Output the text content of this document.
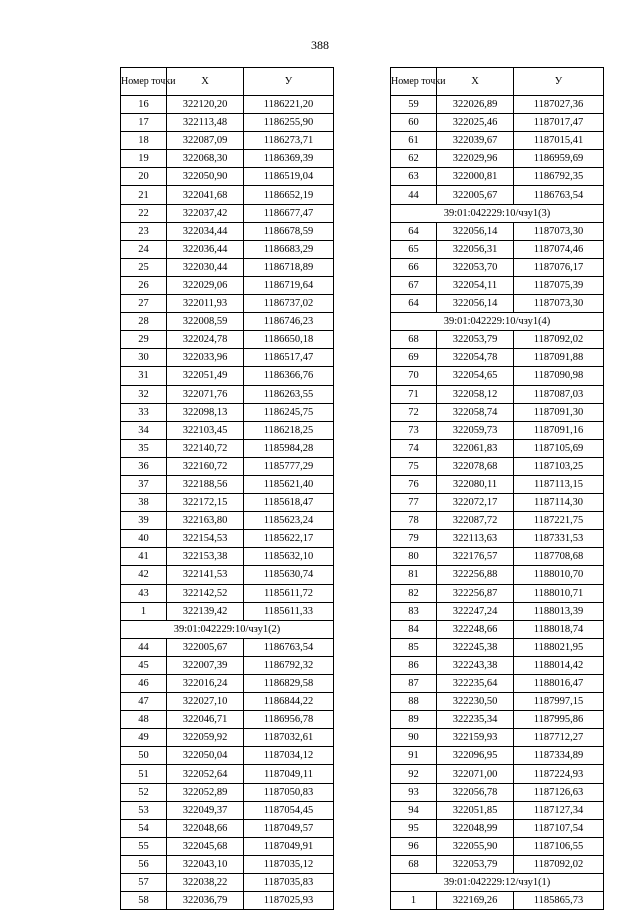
388
Номер точки	Х	У
16	322120,20	1186221,20
17	322113,48	1186255,90
18	322087,09	1186273,71
19	322068,30	1186369,39
20	322050,90	1186519,04
21	322041,68	1186652,19
22	322037,42	1186677,47
23	322034,44	1186678,59
24	322036,44	1186683,29
25	322030,44	1186718,89
26	322029,06	1186719,64
27	322011,93	1186737,02
28	322008,59	1186746,23
29	322024,78	1186650,18
30	322033,96	1186517,47
31	322051,49	1186366,76
32	322071,76	1186263,55
33	322098,13	1186245,75
34	322103,45	1186218,25
35	322140,72	1185984,28
36	322160,72	1185777,29
37	322188,56	1185621,40
38	322172,15	1185618,47
39	322163,80	1185623,24
40	322154,53	1185622,17
41	322153,38	1185632,10
42	322141,53	1185630,74
43	322142,52	1185611,72
1	322139,42	1185611,33
39:01:042229:10/чзу1(2)		
44	322005,67	1186763,54
45	322007,39	1186792,32
46	322016,24	1186829,58
47	322027,10	1186844,22
48	322046,71	1186956,78
49	322059,92	1187032,61
50	322050,04	1187034,12
51	322052,64	1187049,11
52	322052,89	1187050,83
53	322049,37	1187054,45
54	322048,66	1187049,57
55	322045,68	1187049,91
56	322043,10	1187035,12
57	322038,22	1187035,83
58	322036,79	1187025,93
Номер точки	Х	У
59	322026,89	1187027,36
60	322025,46	1187017,47
61	322039,67	1187015,41
62	322029,96	1186959,69
63	322000,81	1186792,35
44	322005,67	1186763,54
39:01:042229:10/чзу1(3)		
64	322056,14	1187073,30
65	322056,31	1187074,46
66	322053,70	1187076,17
67	322054,11	1187075,39
64	322056,14	1187073,30
39:01:042229:10/чзу1(4)		
68	322053,79	1187092,02
69	322054,78	1187091,88
70	322054,65	1187090,98
71	322058,12	1187087,03
72	322058,74	1187091,30
73	322059,73	1187091,16
74	322061,83	1187105,69
75	322078,68	1187103,25
76	322080,11	1187113,15
77	322072,17	1187114,30
78	322087,72	1187221,75
79	322113,63	1187331,53
80	322176,57	1187708,68
81	322256,88	1188010,70
82	322256,87	1188010,71
83	322247,24	1188013,39
84	322248,66	1188018,74
85	322245,38	1188021,95
86	322243,38	1188014,42
87	322235,64	1188016,47
88	322230,50	1187997,15
89	322235,34	1187995,86
90	322159,93	1187712,27
91	322096,95	1187334,89
92	322071,00	1187224,93
93	322056,78	1187126,63
94	322051,85	1187127,34
95	322048,99	1187107,54
96	322055,90	1187106,55
68	322053,79	1187092,02
39:01:042229:12/чзу1(1)		
1	322169,26	1185865,73
